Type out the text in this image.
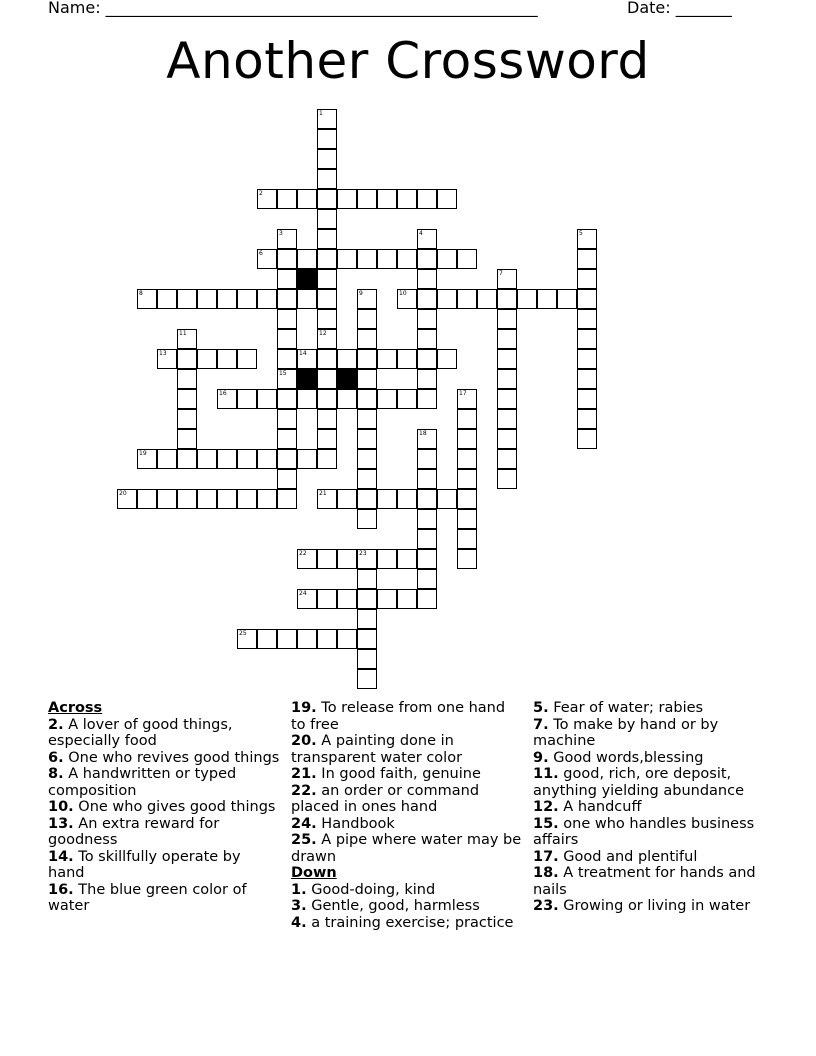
Name: ______________________________________________________	Date: _______
Another Crossword
2
6
8	10
13	14
16
19
20	21
22	23
24
25
1
3
15
4	5
7
9
11	12
17
18
Across
2. A lover of good things, especially food
6. One who revives good things
8. A handwritten or typed composition
10. One who gives good things
13. An extra reward for goodness
14. To skillfully operate by hand
16. The blue green color of water
19. To release from one hand to free
20. A painting done in transparent water color
21. In good faith, genuine
22. an order or command placed in ones hand
24. Handbook
25. A pipe where water may be drawn
Down
1. Good-doing, kind
3. Gentle, good, harmless
4. a training exercise; practice
5. Fear of water; rabies
7. To make by hand or by machine
9. Good words,blessing
11. good, rich, ore deposit, anything yielding abundance
12. A handcuff
15. one who handles business affairs
17. Good and plentiful
18. A treatment for hands and nails
23. Growing or living in water
